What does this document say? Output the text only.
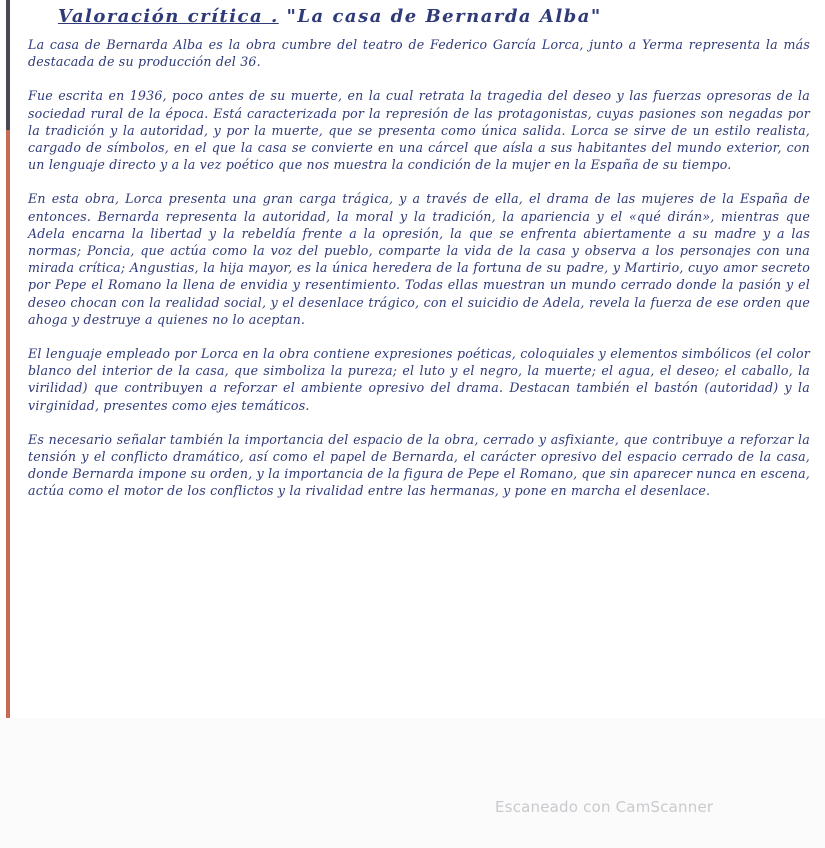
Valoración crítica . "La casa de Bernarda Alba"

La casa de Bernarda Alba es la obra cumbre del teatro de Federico García Lorca, junto a Yerma representa la más destacada de su producción del 36.

Fue escrita en 1936, poco antes de su muerte, en la cual retrata la tragedia del deseo y las fuerzas opresoras de la sociedad rural de la época. Está caracterizada por la represión de las protagonistas, cuyas pasiones son negadas por la tradición y la autoridad, y por la muerte, que se presenta como única salida. Lorca se sirve de un estilo realista, cargado de símbolos, en el que la casa se convierte en una cárcel que aísla a sus habitantes del mundo exterior, con un lenguaje directo y a la vez poético que nos muestra la condición de la mujer en la España de su tiempo.

En esta obra, Lorca presenta una gran carga trágica, y a través de ella, el drama de las mujeres de la España de entonces. Bernarda representa la autoridad, la moral y la tradición, la apariencia y el «qué dirán», mientras que Adela encarna la libertad y la rebeldía frente a la opresión, la que se enfrenta abiertamente a su madre y a las normas; Poncia, que actúa como la voz del pueblo, comparte la vida de la casa y observa a los personajes con una mirada crítica; Angustias, la hija mayor, es la única heredera de la fortuna de su padre, y Martirio, cuyo amor secreto por Pepe el Romano la llena de envidia y resentimiento. Todas ellas muestran un mundo cerrado donde la pasión y el deseo chocan con la realidad social, y el desenlace trágico, con el suicidio de Adela, revela la fuerza de ese orden que ahoga y destruye a quienes no lo aceptan.

El lenguaje empleado por Lorca en la obra contiene expresiones poéticas, coloquiales y elementos simbólicos (el color blanco del interior de la casa, que simboliza la pureza; el luto y el negro, la muerte; el agua, el deseo; el caballo, la virilidad) que contribuyen a reforzar el ambiente opresivo del drama. Destacan también el bastón (autoridad) y la virginidad, presentes como ejes temáticos.

Es necesario señalar también la importancia del espacio de la obra, cerrado y asfixiante, que contribuye a reforzar la tensión y el conflicto dramático, así como el papel de Bernarda, el carácter opresivo del espacio cerrado de la casa, donde Bernarda impone su orden, y la importancia de la figura de Pepe el Romano, que sin aparecer nunca en escena, actúa como el motor de los conflictos y la rivalidad entre las hermanas, y pone en marcha el desenlace.

Escaneado con CamScanner
